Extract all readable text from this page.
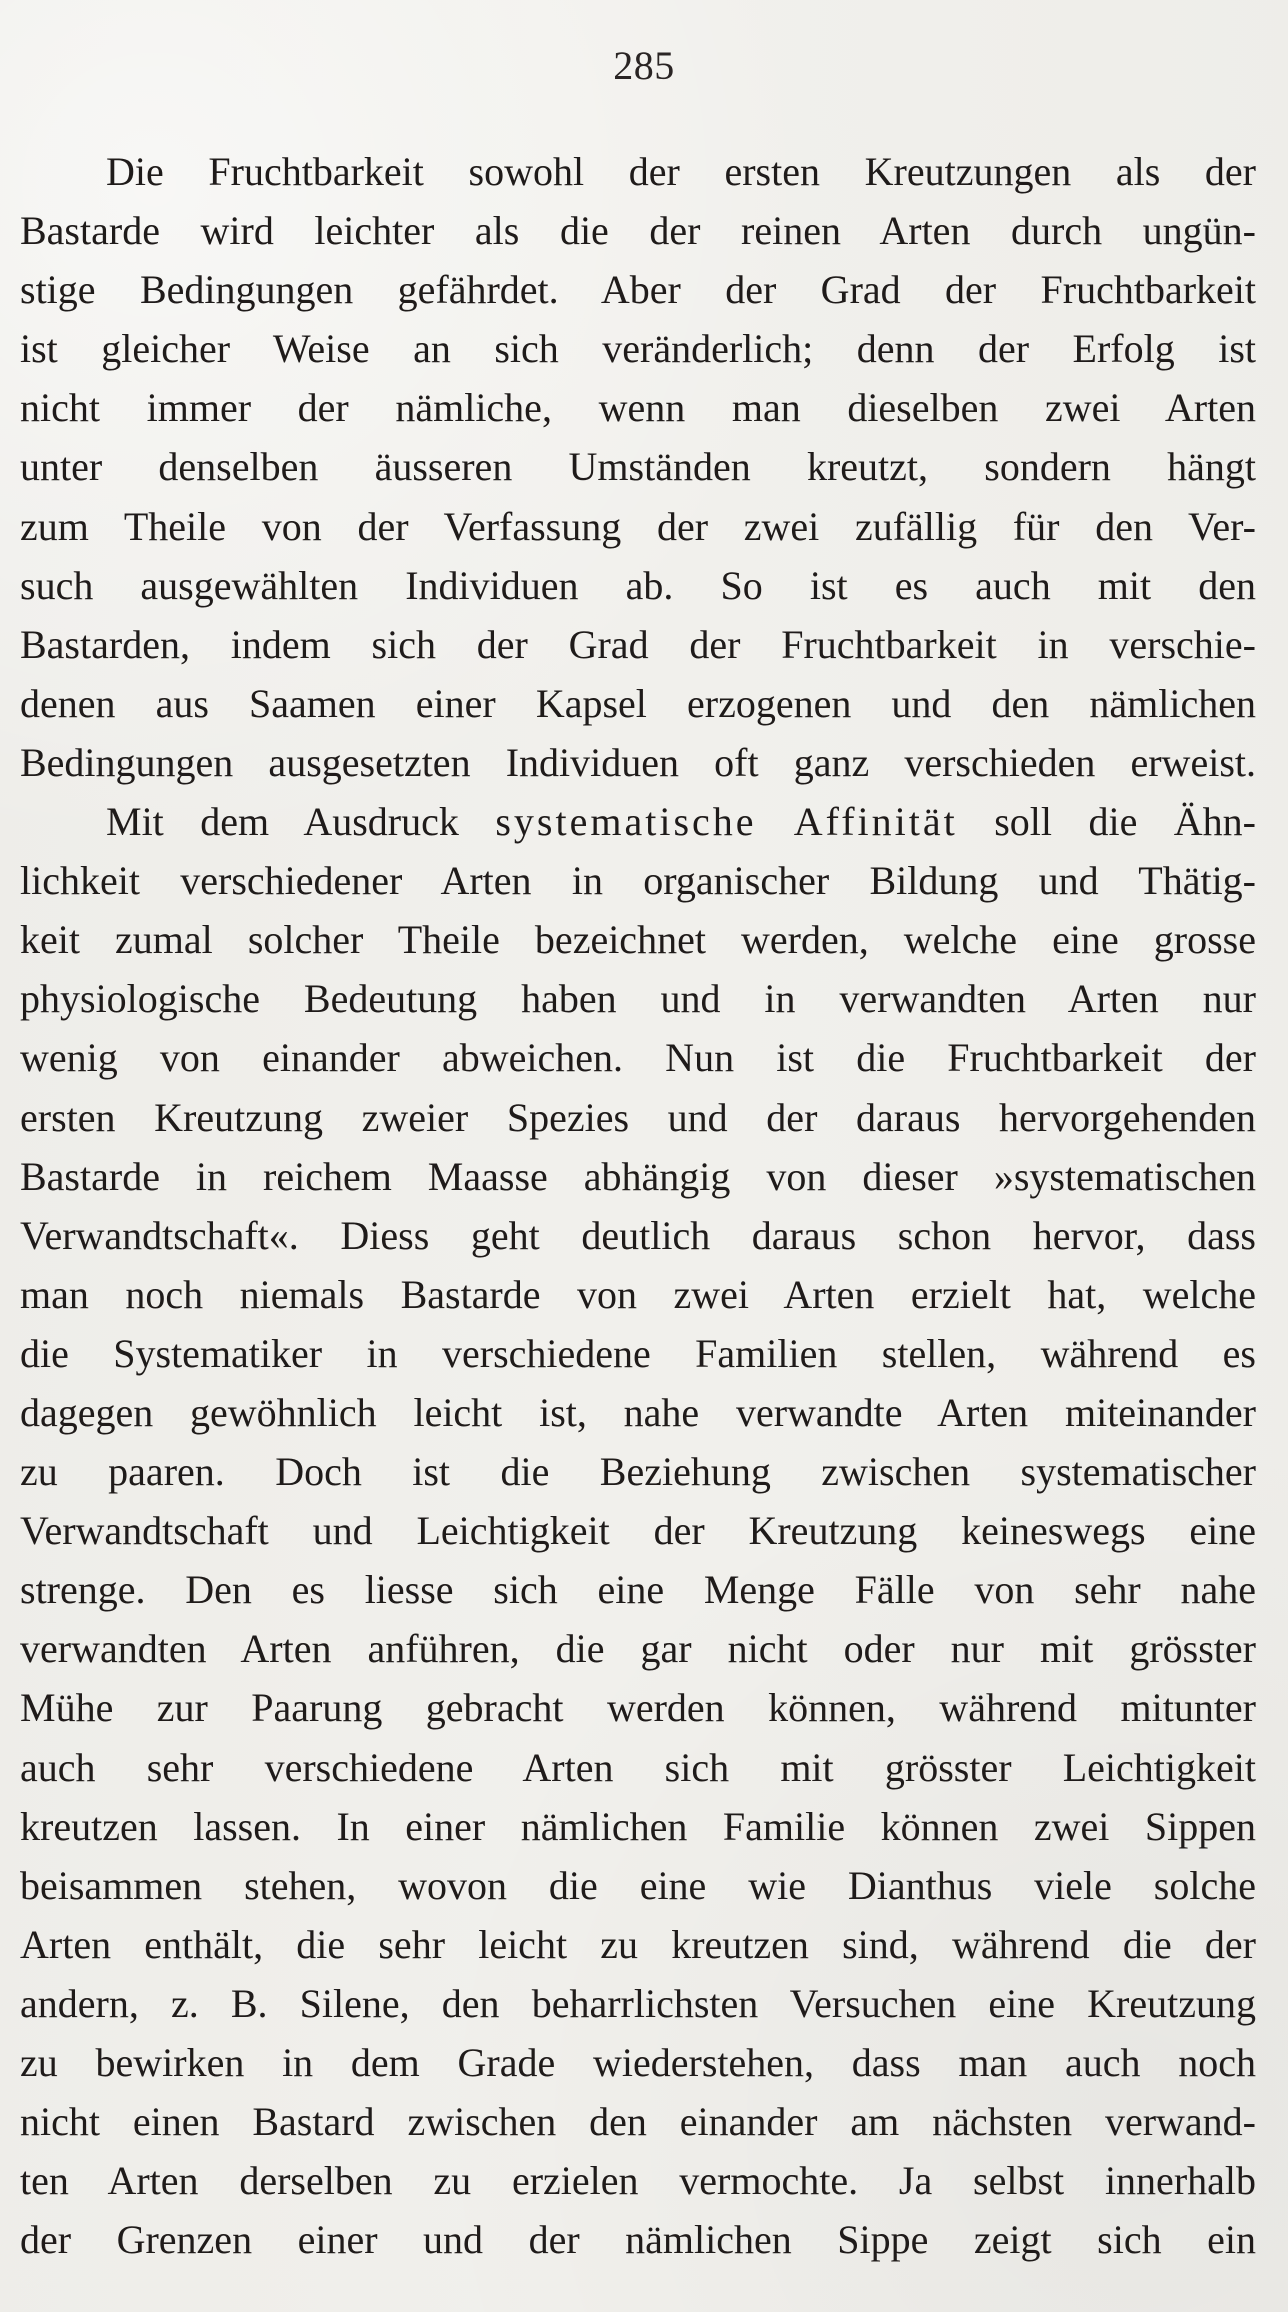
285
Die Fruchtbarkeit sowohl der ersten Kreutzungen als der
Bastarde wird leichter als die der reinen Arten durch ungün-
stige Bedingungen gefährdet. Aber der Grad der Fruchtbarkeit
ist gleicher Weise an sich veränderlich; denn der Erfolg ist
nicht immer der nämliche, wenn man dieselben zwei Arten
unter denselben äusseren Umständen kreutzt, sondern hängt
zum Theile von der Verfassung der zwei zufällig für den Ver-
such ausgewählten Individuen ab. So ist es auch mit den
Bastarden, indem sich der Grad der Fruchtbarkeit in verschie-
denen aus Saamen einer Kapsel erzogenen und den nämlichen
Bedingungen ausgesetzten Individuen oft ganz verschieden erweist.
Mit dem Ausdruck systematische Affinität soll die Ähn-
lichkeit verschiedener Arten in organischer Bildung und Thätig-
keit zumal solcher Theile bezeichnet werden, welche eine grosse
physiologische Bedeutung haben und in verwandten Arten nur
wenig von einander abweichen. Nun ist die Fruchtbarkeit der
ersten Kreutzung zweier Spezies und der daraus hervorgehenden
Bastarde in reichem Maasse abhängig von dieser »systematischen
Verwandtschaft«. Diess geht deutlich daraus schon hervor, dass
man noch niemals Bastarde von zwei Arten erzielt hat, welche
die Systematiker in verschiedene Familien stellen, während es
dagegen gewöhnlich leicht ist, nahe verwandte Arten miteinander
zu paaren. Doch ist die Beziehung zwischen systematischer
Verwandtschaft und Leichtigkeit der Kreutzung keineswegs eine
strenge. Den es liesse sich eine Menge Fälle von sehr nahe
verwandten Arten anführen, die gar nicht oder nur mit grösster
Mühe zur Paarung gebracht werden können, während mitunter
auch sehr verschiedene Arten sich mit grösster Leichtigkeit
kreutzen lassen. In einer nämlichen Familie können zwei Sippen
beisammen stehen, wovon die eine wie Dianthus viele solche
Arten enthält, die sehr leicht zu kreutzen sind, während die der
andern, z. B. Silene, den beharrlichsten Versuchen eine Kreutzung
zu bewirken in dem Grade wiederstehen, dass man auch noch
nicht einen Bastard zwischen den einander am nächsten verwand-
ten Arten derselben zu erzielen vermochte. Ja selbst innerhalb
der Grenzen einer und der nämlichen Sippe zeigt sich ein
